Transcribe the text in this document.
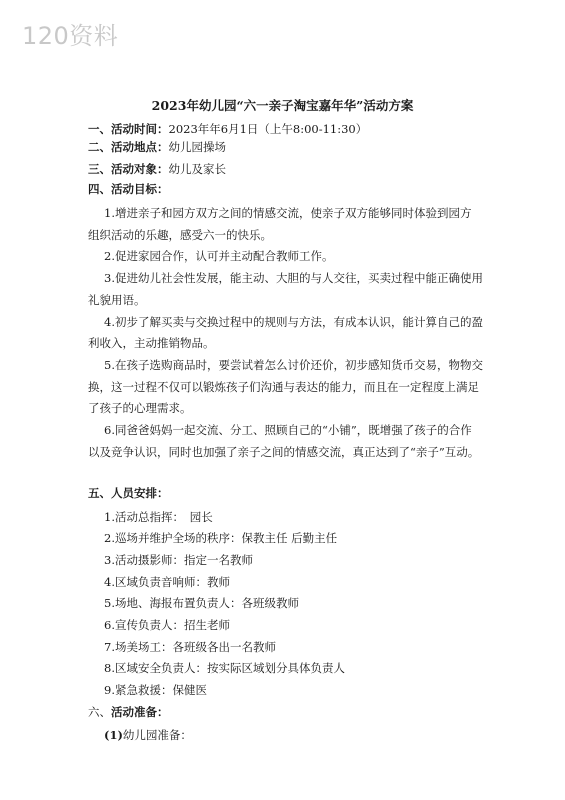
120资料
2023年幼儿园“六一亲子淘宝嘉年华”活动方案
一、活动时间：2023年年6月1日（上午8:00-11:30）
二、活动地点：幼儿园操场
三、活动对象：幼儿及家长
四、活动目标：
1.增进亲子和园方双方之间的情感交流，使亲子双方能够同时体验到园方
组织活动的乐趣，感受六一的快乐。
2.促进家园合作，认可并主动配合教师工作。
3.促进幼儿社会性发展，能主动、大胆的与人交往，买卖过程中能正确使用
礼貌用语。
4.初步了解买卖与交换过程中的规则与方法，有成本认识，能计算自己的盈
利收入，主动推销物品。
5.在孩子选购商品时，要尝试着怎么讨价还价，初步感知货币交易，物物交
换，这一过程不仅可以锻炼孩子们沟通与表达的能力，而且在一定程度上满足
了孩子的心理需求。
6.同爸爸妈妈一起交流、分工、照顾自己的“小铺”，既增强了孩子的合作
以及竞争认识，同时也加强了亲子之间的情感交流，真正达到了“亲子”互动。
五、人员安排：
1.活动总指挥：　园长
2.巡场并维护全场的秩序：保教主任 后勤主任
3.活动摄影师：指定一名教师
4.区域负责音响师：教师
5.场地、海报布置负责人：各班级教师
6.宣传负责人：招生老师
7.场美场工：各班级各出一名教师
8.区域安全负责人：按实际区域划分具体负责人
9.紧急救援：保健医
六、活动准备：
(1)幼儿园准备：
